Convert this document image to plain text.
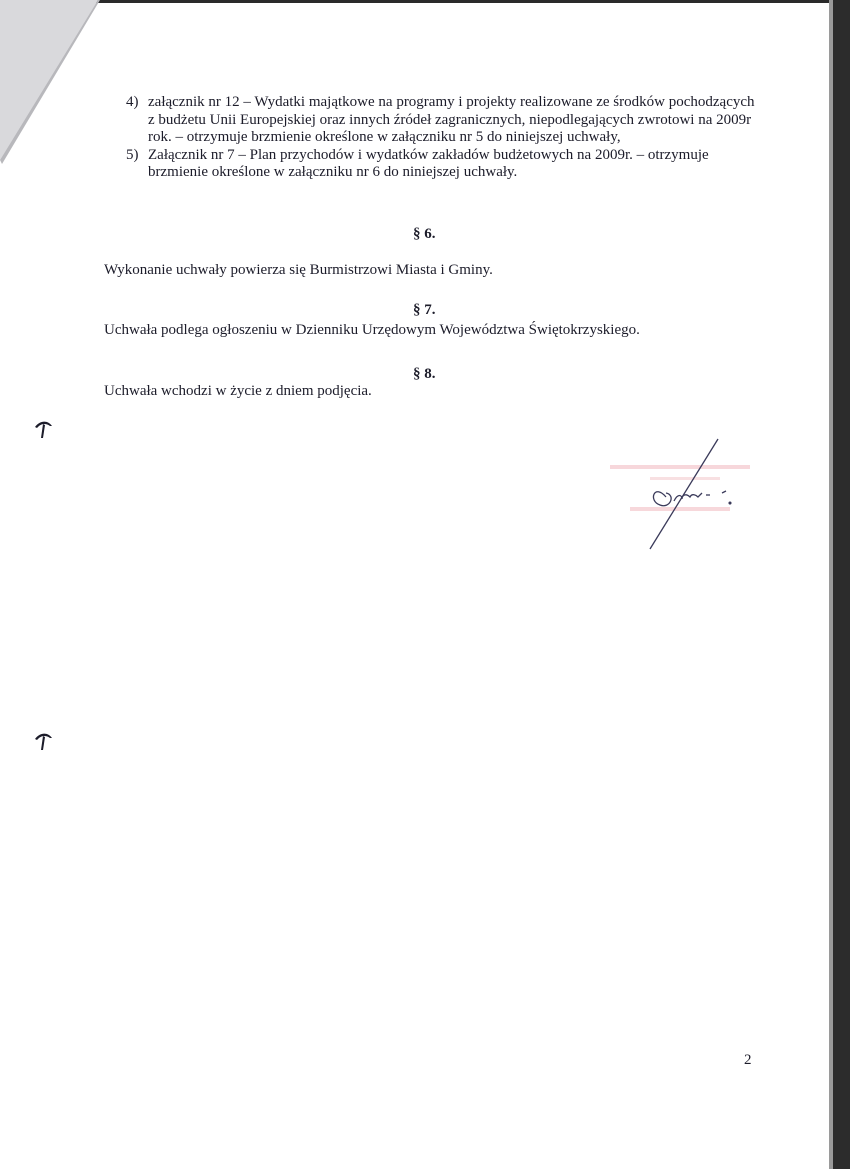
4) załącznik nr 12 – Wydatki majątkowe na programy i projekty realizowane ze środków pochodzących z budżetu Unii Europejskiej oraz innych źródeł zagranicznych, niepodlegających zwrotowi na 2009r rok. – otrzymuje brzmienie określone w załączniku nr 5 do niniejszej uchwały,
5) Załącznik nr 7 – Plan przychodów i wydatków zakładów budżetowych na 2009r. – otrzymuje brzmienie określone w załączniku nr 6 do niniejszej uchwały.
§ 6.
Wykonanie uchwały powierza się Burmistrzowi Miasta i Gminy.
§ 7.
Uchwała podlega ogłoszeniu w Dzienniku Urzędowym Województwa Świętokrzyskiego.
§ 8.
Uchwała wchodzi w życie z dniem podjęcia.
2
